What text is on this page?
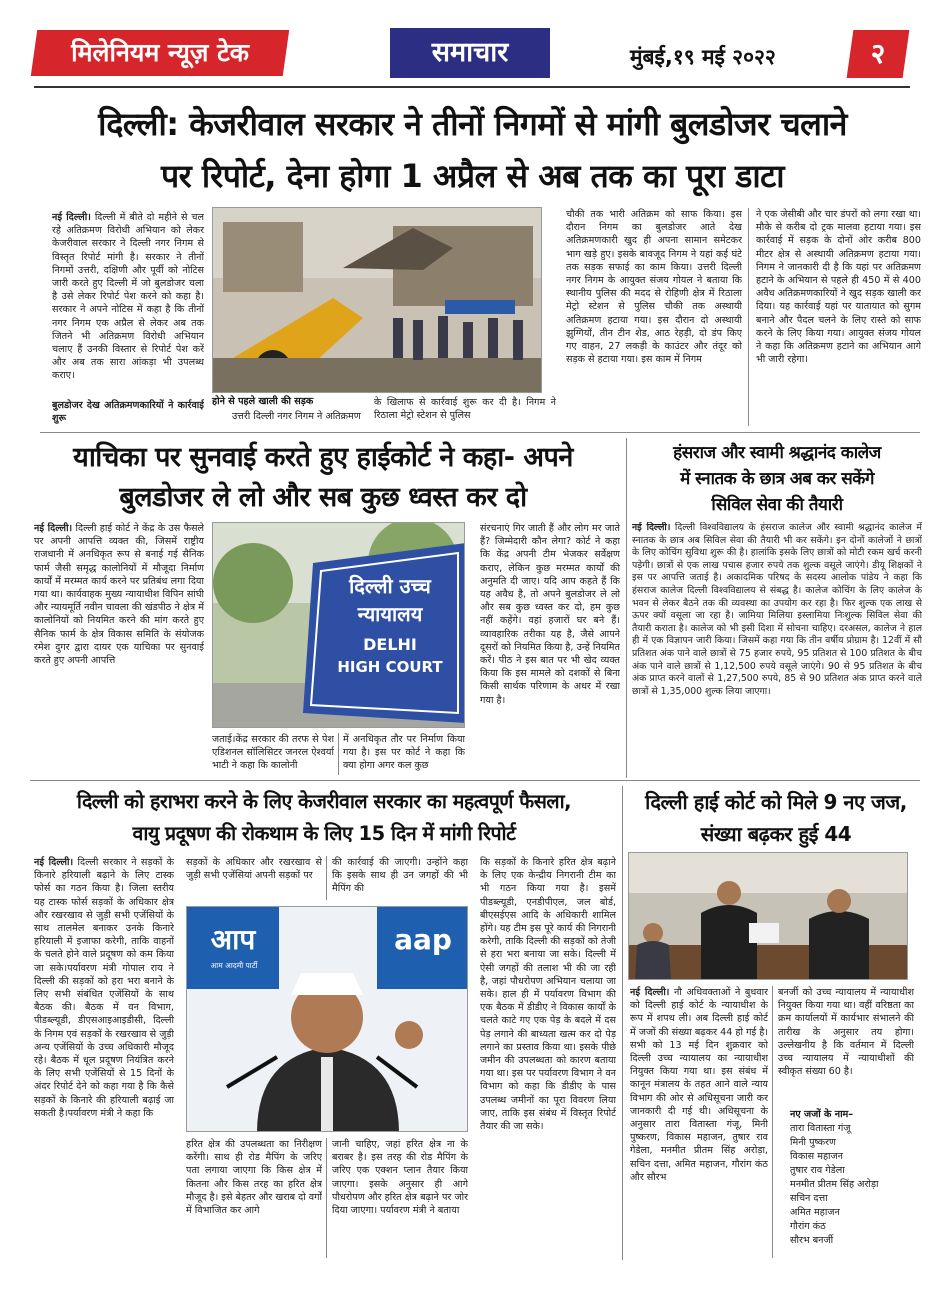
मिलेनियम न्यूज़ टेक	समाचार	मुंबई,१९ मई २०२२	२
दिल्ली: केजरीवाल सरकार ने तीनों निगमों से मांगी बुलडोजर चलाने
पर रिपोर्ट, देना होगा 1 अप्रैल से अब तक का पूरा डाटा
नई दिल्ली। दिल्ली में बीते दो महीने से चल रहे अतिक्रमण विरोधी अभियान को लेकर केजरीवाल सरकार ने दिल्ली नगर निगम से विस्तृत रिपोर्ट मांगी है। सरकार ने तीनों निगमों उत्तरी, दक्षिणी और पूर्वी को नोटिस जारी करते हुए दिल्ली में जो बुलडोजर चला है उसे लेकर रिपोर्ट पेश करने को कहा है। सरकार ने अपने नोटिस में कहा है कि तीनों नगर निगम एक अप्रैल से लेकर अब तक जितने भी अतिक्रमण विरोधी अभियान चलाए हैं उनकी विस्तार से रिपोर्ट पेश करें और अब तक सारा आंकड़ा भी उपलब्ध कराए।
बुलडोजर देख अतिक्रमणकारियों ने कार्रवाई शुरू
होने से पहले खाली की सड़क
उत्तरी दिल्ली नगर निगम ने अतिक्रमण
के खिलाफ से कार्रवाई शुरू कर दी है। निगम ने रिठाला मेट्रो स्टेशन से पुलिस
चौकी तक भारी अतिक्रम को साफ किया। इस दौरान निगम का बुलडोजर आते देख अतिक्रमणकारी खुद ही अपना सामान समेटकर भाग खड़े हुए। इसके बावजूद निगम ने यहां कई घंटे तक सड़क सफाई का काम किया। उत्तरी दिल्ली नगर निगम के आयुक्त संजय गोयल ने बताया कि स्थानीय पुलिस की मदद से रोहिणी क्षेत्र में रिठाला मेट्रो स्टेशन से पुलिस चौकी तक अस्थायी अतिक्रमण हटाया गया। इस दौरान दो अस्थायी झुग्गियों, तीन टीन शेड, आठ रेहड़ी, दो डंप किए गए वाहन, 27 लकड़ी के काउंटर और तंदूर को सड़क से हटाया गया। इस काम में निगम
ने एक जेसीबी और चार डंपरों को लगा रखा था। मौके से करीब दो ट्रक मालवा हटाया गया। इस कार्रवाई में सड़क के दोनों ओर करीब 800 मीटर क्षेत्र से अस्थायी अतिक्रमण हटाया गया। निगम ने जानकारी दी है कि यहां पर अतिक्रमण हटाने के अभियान से पहले ही 450 में से 400 अवैध अतिक्रमणकारियों ने खुद सड़क खाली कर दिया। यह कार्रवाई यहां पर यातायात को सुगम बनाने और पैदल चलने के लिए रास्ते को साफ करने के लिए किया गया। आयुक्त संजय गोयल ने कहा कि अतिक्रमण हटाने का अभियान आगे भी जारी रहेगा।
याचिका पर सुनवाई करते हुए हाईकोर्ट ने कहा- अपने
बुलडोजर ले लो और सब कुछ ध्वस्त कर दो
नई दिल्ली। दिल्ली हाई कोर्ट ने केंद्र के उस फैसले पर अपनी आपत्ति व्यक्त की, जिसमें राष्ट्रीय राजधानी में अनधिकृत रूप से बनाई गई सैनिक फार्म जैसी समृद्ध कालोनियों में मौजूदा निर्माण कार्यों में मरम्मत कार्य करने पर प्रतिबंध लगा दिया गया था। कार्यवाहक मुख्य न्यायाधीश विपिन सांघी और न्यायमूर्ति नवीन चावला की खंडपीठ ने क्षेत्र में कालोनियों को नियमित करने की मांग करते हुए सैनिक फार्म के क्षेत्र विकास समिति के संयोजक रमेश दुगर द्वारा दायर एक याचिका पर सुनवाई करते हुए अपनी आपत्ति
दिल्ली उच्च
न्यायालय
DELHI
HIGH COURT
जताई।केंद्र सरकार की तरफ से पेश एडिशनल सॉलिसिटर जनरल ऐश्वर्या भाटी ने कहा कि कालोनी
में अनधिकृत तौर पर निर्माण किया गया है। इस पर कोर्ट ने कहा कि क्या होगा अगर कल कुछ
संरचनाएं गिर जाती हैं और लोग मर जाते हैं? जिम्मेदारी कौन लेगा? कोर्ट ने कहा कि केंद्र अपनी टीम भेजकर सर्वेक्षण कराए, लेकिन कुछ मरम्मत कार्यों की अनुमति दी जाए। यदि आप कहते हैं कि यह अवैध है, तो अपने बुलडोजर ले लो और सब कुछ ध्वस्त कर दो, हम कुछ नहीं कहेंगे। वहां हजारों घर बने हैं। व्यावहारिक तरीका यह है, जैसे आपने दूसरों को नियमित किया है, उन्हें नियमित करें। पीठ ने इस बात पर भी खेद व्यक्त किया कि इस मामले को दशकों से बिना किसी सार्थक परिणाम के अधर में रखा गया है।
हंसराज और स्वामी श्रद्धानंद कालेज
में स्नातक के छात्र अब कर सकेंगे
सिविल सेवा की तैयारी
नई दिल्ली। दिल्ली विश्वविद्यालय के हंसराज कालेज और स्वामी श्रद्धानंद कालेज में स्नातक के छात्र अब सिविल सेवा की तैयारी भी कर सकेंगे। इन दोनों कालेजों ने छात्रों के लिए कोचिंग सुविधा शुरू की है। हालांकि इसके लिए छात्रों को मोटी रकम खर्च करनी पड़ेगी। छात्रों से एक लाख पचास हजार रुपये तक शुल्क वसूले जाएंगे। डीयू शिक्षकों ने इस पर आपत्ति जताई है। अकादमिक परिषद के सदस्य आलोक पांडेय ने कहा कि हंसराज कालेज दिल्ली विश्वविद्यालय से संबद्ध है। कालेज कोचिंग के लिए कालेज के भवन से लेकर बैठने तक की व्यवस्था का उपयोग कर रहा है। फिर शुल्क एक लाख से ऊपर क्यों वसूला जा रहा है। जामिया मिलिया इस्लामिया निःशुल्क सिविल सेवा की तैयारी कराता है। कालेज को भी इसी दिशा में सोचना चाहिए। दरअसल, कालेज ने हाल ही में एक विज्ञापन जारी किया। जिसमें कहा गया कि तीन वर्षीय प्रोग्राम है। 12वीं में सौ प्रतिशत अंक पाने वाले छात्रों से 75 हजार रुपये, 95 प्रतिशत से 100 प्रतिशत के बीच अंक पाने वाले छात्रों से 1,12,500 रुपये वसूले जाएंगे। 90 से 95 प्रतिशत के बीच अंक प्राप्त करने वालों से 1,27,500 रुपये, 85 से 90 प्रतिशत अंक प्राप्त करने वाले छात्रों से 1,35,000 शुल्क लिया जाएगा।
दिल्ली को हराभरा करने के लिए केजरीवाल सरकार का महत्वपूर्ण फैसला,
वायु प्रदूषण की रोकथाम के लिए 15 दिन में मांगी रिपोर्ट
नई दिल्ली। दिल्ली सरकार ने सड़कों के किनारे हरियाली बढ़ाने के लिए टास्क फोर्स का गठन किया है। जिला स्तरीय यह टास्क फोर्स सड़कों के अधिकार क्षेत्र और रखरखाव से जुड़ी सभी एजेंसियों के साथ तालमेल बनाकर उनके किनारे हरियाली में इजाफा करेगी, ताकि वाहनों के चलते होने वाले प्रदूषण को कम किया जा सके।पर्यावरण मंत्री गोपाल राय ने दिल्ली की सड़कों को हरा भरा बनाने के लिए सभी संबंधित एजेंसियों के साथ बैठक की। बैठक में वन विभाग, पीडब्ल्यूडी, डीएसआइआइडीसी, दिल्ली के निगम एवं सड़कों के रखरखाव से जुड़ी अन्य एजेंसियों के उच्च अधिकारी मौजूद रहे। बैठक में धूल प्रदूषण नियंत्रित करने के लिए सभी एजेंसियों से 15 दिनों के अंदर रिपोर्ट देने को कहा गया है कि कैसे सड़कों के किनारे की हरियाली बढ़ाई जा सकती है।पर्यावरण मंत्री ने कहा कि
सड़कों के अधिकार और रखरखाव से जुड़ी सभी एजेंसियां अपनी सड़कों पर
की कार्रवाई की जाएगी। उन्होंने कहा कि इसके साथ ही उन जगहों की भी मैपिंग की
आप
आम आदमी पार्टी
aap
हरित क्षेत्र की उपलब्धता का निरीक्षण करेंगी। साथ ही रोड मैपिंग के जरिए पता लगाया जाएगा कि किस क्षेत्र में कितना और किस तरह का हरित क्षेत्र मौजूद है। इसे बेहतर और खराब दो वर्गों में विभाजित कर आगे
जानी चाहिए, जहां हरित क्षेत्र ना के बराबर है। इस तरह की रोड मैपिंग के जरिए एक एक्शन प्लान तैयार किया जाएगा। इसके अनुसार ही आगे पौधरोपण और हरित क्षेत्र बढ़ाने पर जोर दिया जाएगा। पर्यावरण मंत्री ने बताया
कि सड़कों के किनारे हरित क्षेत्र बढ़ाने के लिए एक केन्द्रीय निगरानी टीम का भी गठन किया गया है। इसमें पीडब्ल्यूडी, एनडीपीएल, जल बोर्ड, बीएसईएस आदि के अधिकारी शामिल होंगे। यह टीम इस पूरे कार्य की निगरानी करेगी, ताकि दिल्ली की सड़कों को तेजी से हरा भरा बनाया जा सके। दिल्ली में ऐसी जगहों की तलाश भी की जा रही है, जहां पौधरोपण अभियान चलाया जा सके। हाल ही में पर्यावरण विभाग की एक बैठक में डीडीए ने विकास कार्यों के चलते काटे गए एक पेड़ के बदले में दस पेड़ लगाने की बाध्यता खत्म कर दो पेड़ लगाने का प्रस्ताव किया था। इसके पीछे जमीन की उपलब्धता को कारण बताया गया था। इस पर पर्यावरण विभाग ने वन विभाग को कहा कि डीडीए के पास उपलब्ध जमीनों का पूरा विवरण लिया जाए, ताकि इस संबंध में विस्तृत रिपोर्ट तैयार की जा सके।
दिल्ली हाई कोर्ट को मिले 9 नए जज,
संख्या बढ़कर हुई 44
नई दिल्ली। नौ अधिवक्ताओं ने बुधवार को दिल्ली हाई कोर्ट के न्यायाधीश के रूप में शपथ ली। अब दिल्ली हाई कोर्ट में जजों की संख्या बढ़कर 44 हो गई है। सभी को 13 मई दिन शुक्रवार को दिल्ली उच्च न्यायालय का न्यायाधीश नियुक्त किया गया था। इस संबंध में कानून मंत्रालय के तहत आने वाले न्याय विभाग की ओर से अधिसूचना जारी कर जानकारी दी गई थी। अधिसूचना के अनुसार तारा वितास्ता गंजू, मिनी पुष्करण, विकास महाजन, तुषार राव गेडेला, मनमीत प्रीतम सिंह अरोड़ा, सचिन दत्ता, अमित महाजन, गौरांग कंठ और सौरभ
बनर्जी को उच्च न्यायालय में न्यायाधीश नियुक्त किया गया था। वहीं वरिष्ठता का क्रम कार्यालयों में कार्यभार संभालने की तारीख के अनुसार तय होगा। उल्लेखनीय है कि वर्तमान में दिल्ली उच्च न्यायालय में न्यायाधीशों की स्वीकृत संख्या 60 है।
नए जजों के नाम–
तारा वितास्ता गंजू
मिनी पुष्करण
विकास महाजन
तुषार राव गेडेला
मनमीत प्रीतम सिंह अरोड़ा
सचिन दत्ता
अमित महाजन
गौरांग कंठ
सौरभ बनर्जी
